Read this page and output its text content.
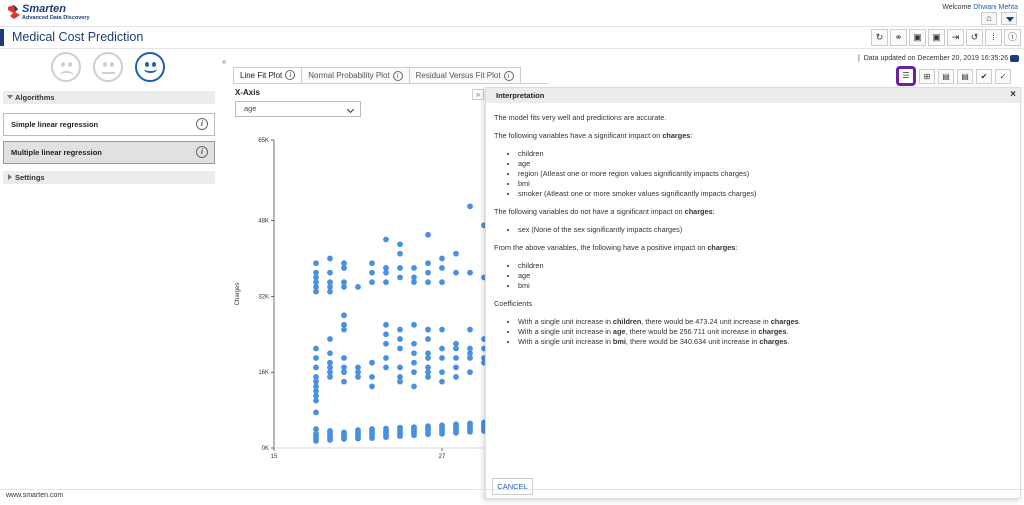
Smarten
Advanced Data Discovery
Welcome Dhwani Mehta
⌂
Medical Cost Prediction	↻	⚭	▣	▣	⇥	↺	⁞	ⓘ
Algorithms
Simple linear regression	i
Multiple linear regression	i
Settings
«	|  Data updated on December 20, 2019 16:35:26
Line Fit Plot	i	Normal Probability Plot	i	Residual Versus Fit Plot	i	☰	⊞	▤	▤	✔	✓
X-Axis
age
»
0K
16K
32K
48K
65K
15	27
Charges
Interpretation	×

The model fits very well and predictions are accurate.

The following variables have a significant impact on charges:

• children
• age
• region (Atleast one or more region values significantly impacts charges)
• bmi
• smoker (Atleast one or more smoker values significantly impacts charges)

The following variables do not have a significant impact on charges:

• sex (None of the sex significantly impacts charges)

From the above variables, the following have a positive impact on charges:

• children
• age
• bmi

Coefficients

• With a single unit increase in children, there would be 473.24 unit increase in charges.
• With a single unit increase in age, there would be 256.711 unit increase in charges.
• With a single unit increase in bmi, there would be 340.634 unit increase in charges.
CANCEL
www.smarten.com
